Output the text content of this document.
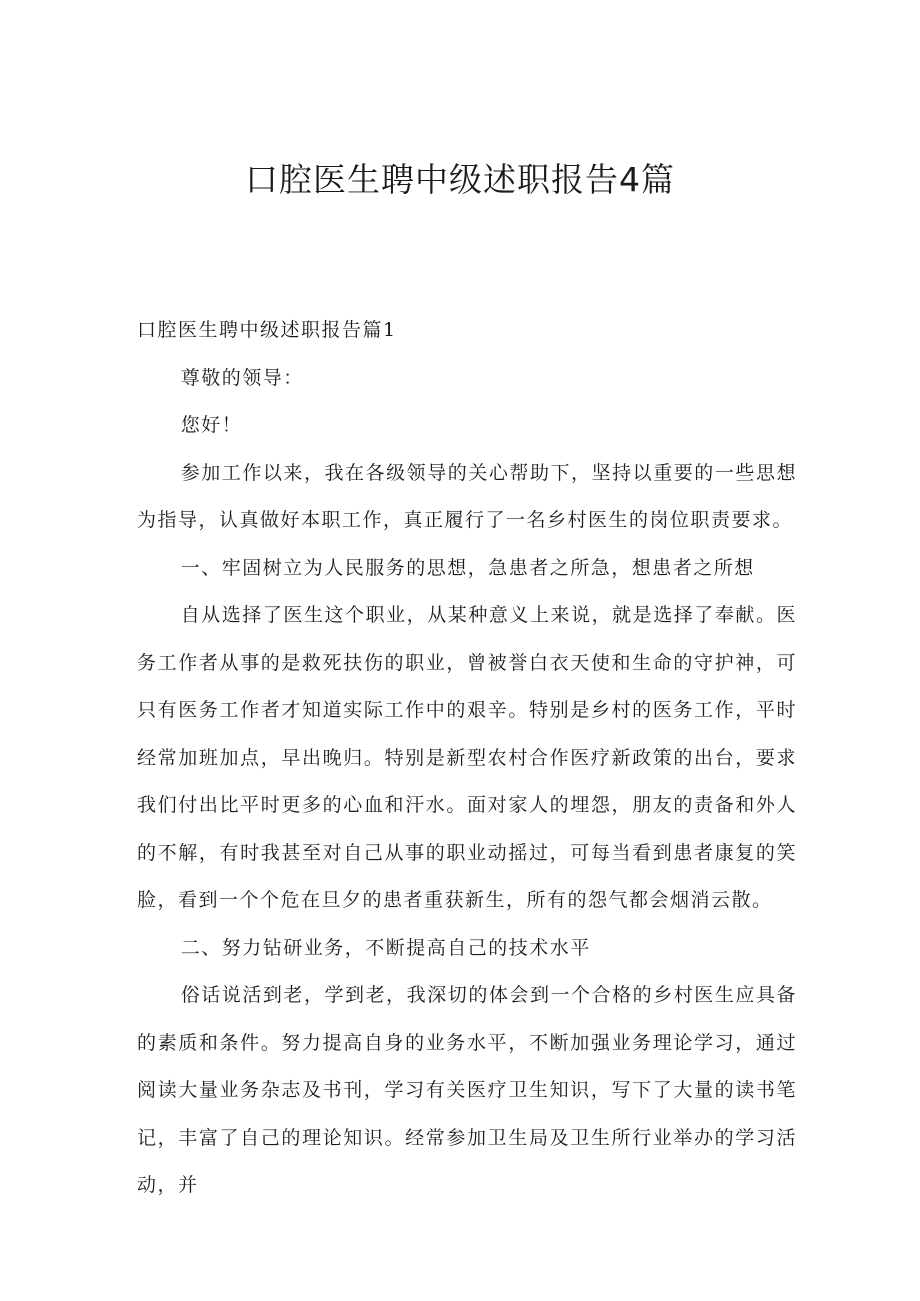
口腔医生聘中级述职报告4篇

口腔医生聘中级述职报告篇1

尊敬的领导：

您好！

参加工作以来，我在各级领导的关心帮助下，坚持以重要的一些思想为指导，认真做好本职工作，真正履行了一名乡村医生的岗位职责要求。

一、牢固树立为人民服务的思想，急患者之所急，想患者之所想

自从选择了医生这个职业，从某种意义上来说，就是选择了奉献。医务工作者从事的是救死扶伤的职业，曾被誉白衣天使和生命的守护神，可只有医务工作者才知道实际工作中的艰辛。特别是乡村的医务工作，平时经常加班加点，早出晚归。特别是新型农村合作医疗新政策的出台，要求我们付出比平时更多的心血和汗水。面对家人的埋怨，朋友的责备和外人的不解，有时我甚至对自己从事的职业动摇过，可每当看到患者康复的笑脸，看到一个个危在旦夕的患者重获新生，所有的怨气都会烟消云散。

二、努力钻研业务，不断提高自己的技术水平

俗话说活到老，学到老，我深切的体会到一个合格的乡村医生应具备的素质和条件。努力提高自身的业务水平，不断加强业务理论学习，通过阅读大量业务杂志及书刊，学习有关医疗卫生知识，写下了大量的读书笔记，丰富了自己的理论知识。经常参加卫生局及卫生所行业举办的学习活动，并
